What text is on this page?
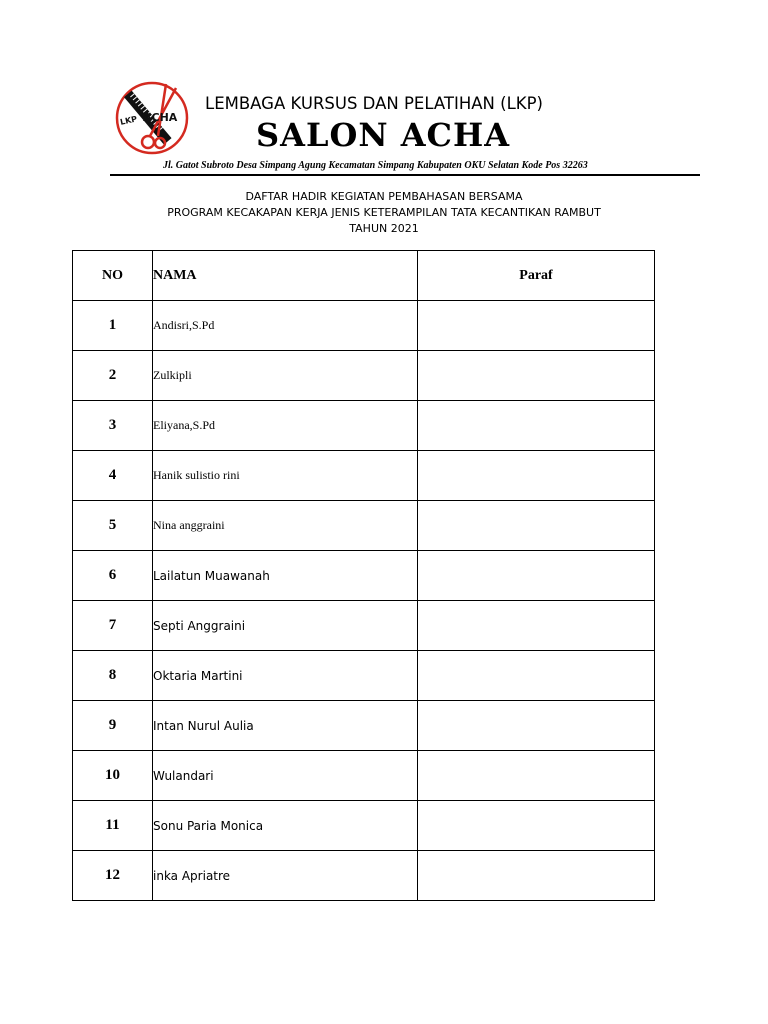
LKP ACHA
LEMBAGA KURSUS DAN PELATIHAN (LKP)
SALON ACHA
Jl. Gatot Subroto Desa Simpang Agung Kecamatan Simpang Kabupaten OKU Selatan Kode Pos 32263
DAFTAR HADIR KEGIATAN PEMBAHASAN BERSAMA
PROGRAM KECAKAPAN KERJA JENIS KETERAMPILAN TATA KECANTIKAN RAMBUT
TAHUN 2021
NO	NAMA	Paraf
1	Andisri,S.Pd	
2	Zulkipli	
3	Eliyana,S.Pd	
4	Hanik sulistio rini	
5	Nina anggraini	
6	Lailatun Muawanah	
7	Septi Anggraini	
8	Oktaria Martini	
9	Intan Nurul Aulia	
10	Wulandari	
11	Sonu Paria Monica	
12	inka Apriatre	
